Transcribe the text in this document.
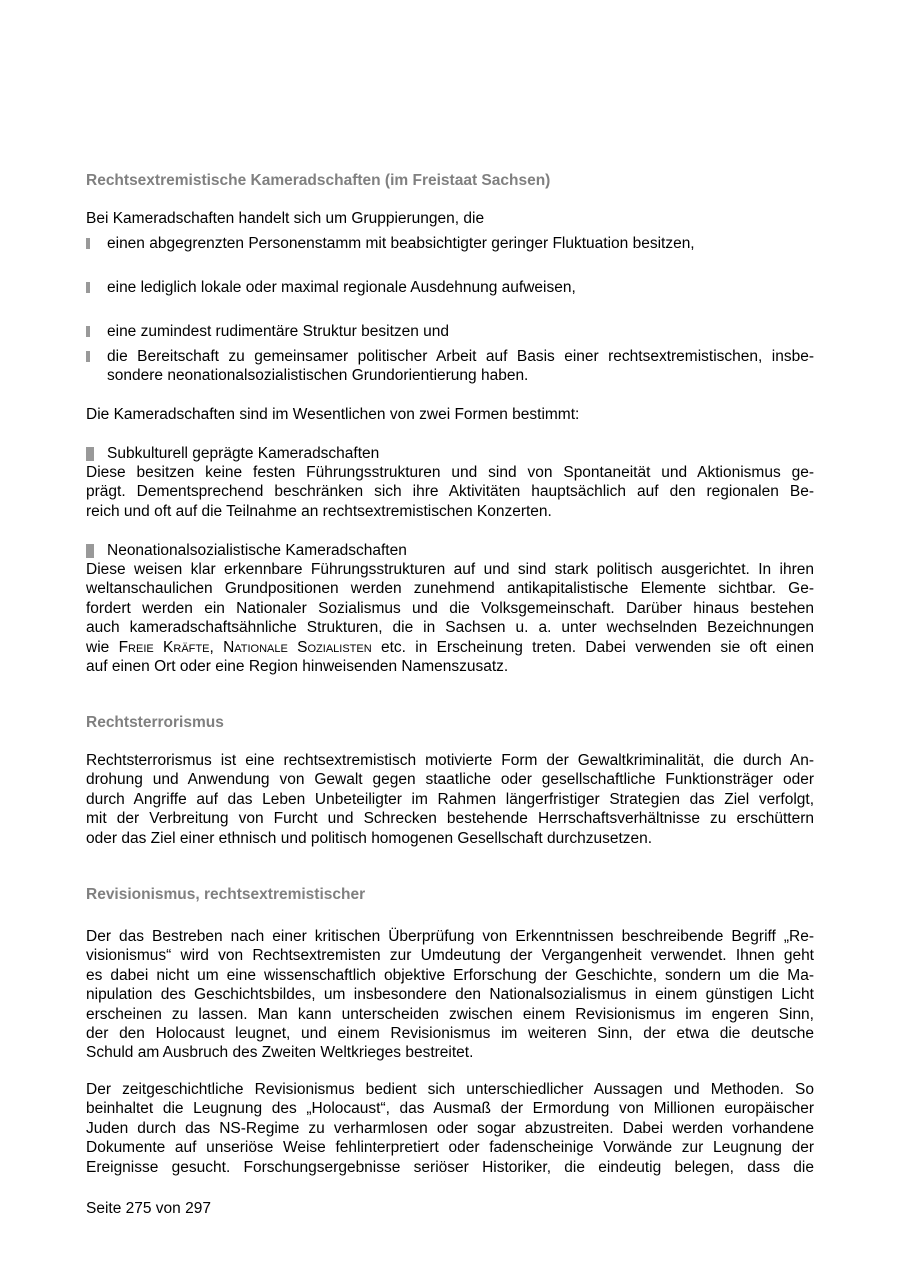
Rechtsextremistische Kameradschaften (im Freistaat Sachsen)
Bei Kameradschaften handelt sich um Gruppierungen, die
einen abgegrenzten Personenstamm mit beabsichtigter geringer Fluktuation besitzen,
eine lediglich lokale oder maximal regionale Ausdehnung aufweisen,
eine zumindest rudimentäre Struktur besitzen und
die Bereitschaft zu gemeinsamer politischer Arbeit auf Basis einer rechtsextremistischen, insbe-
sondere neonationalsozialistischen Grundorientierung haben.
Die Kameradschaften sind im Wesentlichen von zwei Formen bestimmt:
Subkulturell geprägte Kameradschaften
Diese besitzen keine festen Führungsstrukturen und sind von Spontaneität und Aktionismus ge-
prägt. Dementsprechend beschränken sich ihre Aktivitäten hauptsächlich auf den regionalen Be-
reich und oft auf die Teilnahme an rechtsextremistischen Konzerten.
Neonationalsozialistische Kameradschaften
Diese weisen klar erkennbare Führungsstrukturen auf und sind stark politisch ausgerichtet. In ihren
weltanschaulichen Grundpositionen werden zunehmend antikapitalistische Elemente sichtbar. Ge-
fordert werden ein Nationaler Sozialismus und die Volksgemeinschaft. Darüber hinaus bestehen
auch kameradschaftsähnliche Strukturen, die in Sachsen u. a. unter wechselnden Bezeichnungen
wie Freie Kräfte, Nationale Sozialisten etc. in Erscheinung treten. Dabei verwenden sie oft einen
auf einen Ort oder eine Region hinweisenden Namenszusatz.
Rechtsterrorismus
Rechtsterrorismus ist eine rechtsextremistisch motivierte Form der Gewaltkriminalität, die durch An-
drohung und Anwendung von Gewalt gegen staatliche oder gesellschaftliche Funktionsträger oder
durch Angriffe auf das Leben Unbeteiligter im Rahmen längerfristiger Strategien das Ziel verfolgt,
mit der Verbreitung von Furcht und Schrecken bestehende Herrschaftsverhältnisse zu erschüttern
oder das Ziel einer ethnisch und politisch homogenen Gesellschaft durchzusetzen.
Revisionismus, rechtsextremistischer
Der das Bestreben nach einer kritischen Überprüfung von Erkenntnissen beschreibende Begriff „Re-
visionismus“ wird von Rechtsextremisten zur Umdeutung der Vergangenheit verwendet. Ihnen geht
es dabei nicht um eine wissenschaftlich objektive Erforschung der Geschichte, sondern um die Ma-
nipulation des Geschichtsbildes, um insbesondere den Nationalsozialismus in einem günstigen Licht
erscheinen zu lassen. Man kann unterscheiden zwischen einem Revisionismus im engeren Sinn,
der den Holocaust leugnet, und einem Revisionismus im weiteren Sinn, der etwa die deutsche
Schuld am Ausbruch des Zweiten Weltkrieges bestreitet.
Der zeitgeschichtliche Revisionismus bedient sich unterschiedlicher Aussagen und Methoden. So
beinhaltet die Leugnung des „Holocaust“, das Ausmaß der Ermordung von Millionen europäischer
Juden durch das NS-Regime zu verharmlosen oder sogar abzustreiten. Dabei werden vorhandene
Dokumente auf unseriöse Weise fehlinterpretiert oder fadenscheinige Vorwände zur Leugnung der
Ereignisse gesucht. Forschungsergebnisse seriöser Historiker, die eindeutig belegen, dass die
Seite 275 von 297
